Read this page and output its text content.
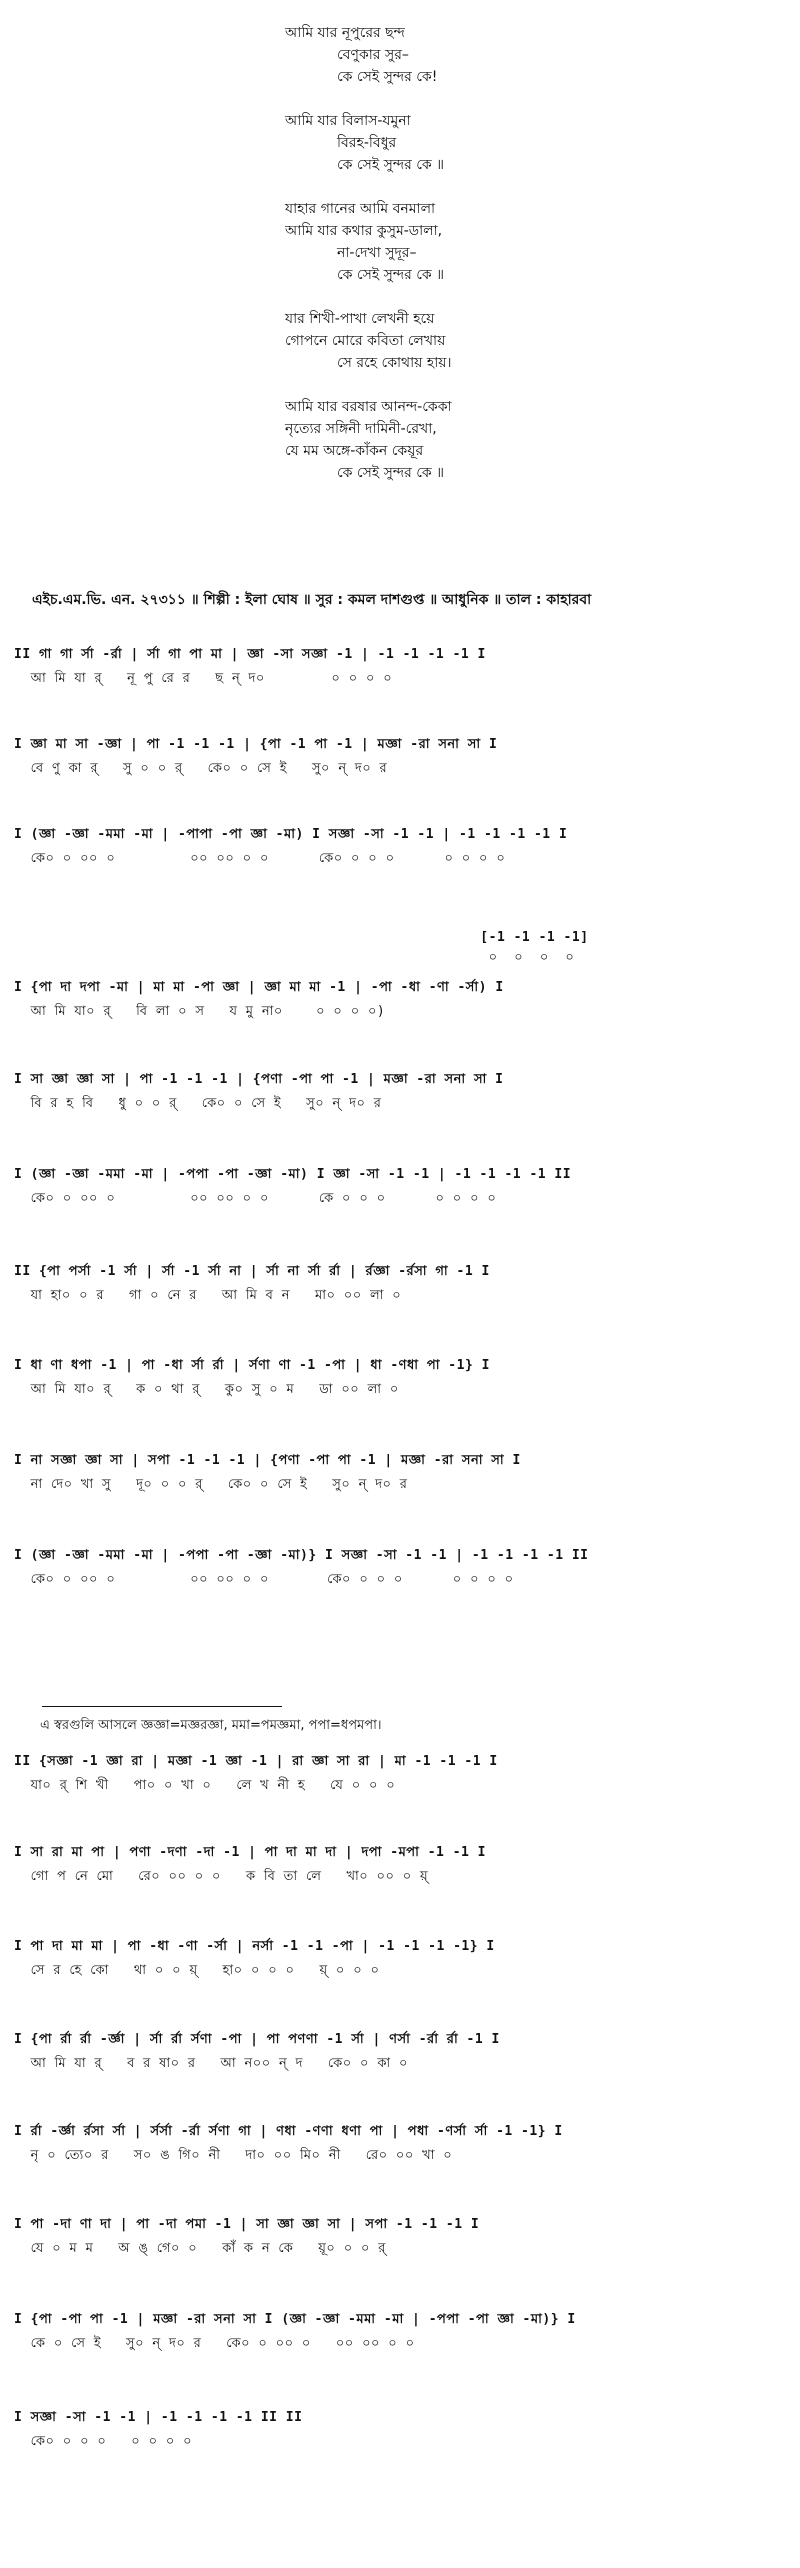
আমি যার নূপুরের ছন্দ
বেণুকার সুর–
কে সেই সুন্দর কে!
আমি যার বিলাস-যমুনা
বিরহ-বিধুর
কে সেই সুন্দর কে ॥
যাহার গানের আমি বনমালা
আমি যার কথার কুসুম-ডালা,
না-দেখা সুদূর–
কে সেই সুন্দর কে ॥
যার শিখী-পাখা লেখনী হয়ে
গোপনে মোরে কবিতা লেখায়
সে রহে কোথায় হায়।
আমি যার বরষার আনন্দ-কেকা
নৃত্যের সঙ্গিনী দামিনী-রেখা,
যে মম অঙ্গে-কাঁকন কেয়ূর
কে সেই সুন্দর কে ॥
এইচ.এম.ভি. এন. ২৭৩১১ ॥ শিল্পী : ইলা ঘোষ ॥ সুর : কমল দাশগুপ্ত ॥ আধুনিক ॥ তাল : কাহারবা
II গা গা র্সা -র্রা | র্সা গা পা মা | জ্ঞা -সা সজ্ঞা -1 | -1 -1 -1 -1 I
আ মি যা র্   নূ পু রে র   ছ ন্ দ০        ০ ০ ০ ০
I জ্ঞা মা সা -জ্ঞা | পা -1 -1 -1 | {পা -1 পা -1 | মজ্ঞা -রা সনা সা I
বে ণু কা র্   সু ০ ০ র্   কে০ ০ সে ই   সু০ ন্ দ০ র
I (জ্ঞা -জ্ঞা -মমা -মা | -পাপা -পা জ্ঞা -মা) I সজ্ঞা -সা -1 -1 | -1 -1 -1 -1 I
কে০ ০ ০০ ০         ০০ ০০ ০ ০      কে০ ০ ০ ০      ০ ০ ০ ০
[-1 -1 -1 -1]
০  ০  ০  ০
I {পা দা দপা -মা | মা মা -পা জ্ঞা | জ্ঞা মা মা -1 | -পা -ধা -ণা -র্সা) I
আ মি যা০ র্   বি লা ০ স   য মু না০    ০ ০ ০ ০)
I সা জ্ঞা জ্ঞা সা | পা -1 -1 -1 | {পণা -পা পা -1 | মজ্ঞা -রা সনা সা I
বি র হ বি   ধু ০ ০ র্   কে০ ০ সে ই   সু০ ন্ দ০ র
I (জ্ঞা -জ্ঞা -মমা -মা | -পপা -পা -জ্ঞা -মা) I জ্ঞা -সা -1 -1 | -1 -1 -1 -1 II
কে০ ০ ০০ ০         ০০ ০০ ০ ০      কে ০ ০ ০      ০ ০ ০ ০
II {পা পর্সা -1 র্সা | র্সা -1 র্সা না | র্সা না র্সা র্রা | র্রজ্ঞা -র্রসা গা -1 I
যা হা০ ০ র   গা ০ নে র   আ মি ব ন   মা০ ০০ লা ০
I ধা ণা ধপা -1 | পা -ধা র্সা র্রা | র্সণা ণা -1 -পা | ধা -ণধা পা -1} I
আ মি যা০ র্   ক ০ থা র্   কু০ সু ০ ম   ডা ০০ লা ০
I না সজ্ঞা জ্ঞা সা | সপা -1 -1 -1 | {পণা -পা পা -1 | মজ্ঞা -রা সনা সা I
না দে০ খা সু   দূ০ ০ ০ র্   কে০ ০ সে ই   সু০ ন্ দ০ র
I (জ্ঞা -জ্ঞা -মমা -মা | -পপা -পা -জ্ঞা -মা)} I সজ্ঞা -সা -1 -1 | -1 -1 -1 -1 II
কে০ ০ ০০ ০         ০০ ০০ ০ ০       কে০ ০ ০ ০      ০ ০ ০ ০
এ স্বরগুলি আসলে জ্ঞজ্ঞা=মজ্ঞরজ্ঞা, মমা=পমজ্ঞমা, পপা=ধপমপা।
II {সজ্ঞা -1 জ্ঞা রা | মজ্ঞা -1 জ্ঞা -1 | রা জ্ঞা সা রা | মা -1 -1 -1 I
যা০ র্ শি খী   পা০ ০ খা ০   লে খ নী হ   যে ০ ০ ০
I সা রা মা পা | পণা -দণা -দা -1 | পা দা মা দা | দপা -মপা -1 -1 I
গো প নে মো   রে০ ০০ ০ ০   ক বি তা লে   খা০ ০০ ০ য়্
I পা দা মা মা | পা -ধা -ণা -র্সা | নর্সা -1 -1 -পা | -1 -1 -1 -1} I
সে র হে কো   থা ০ ০ য়্   হা০ ০ ০ ০   য়্ ০ ০ ০
I {পা র্রা র্রা -র্জ্ঞা | র্সা র্রা র্সণা -পা | পা পণণা -1 র্সা | ণর্সা -র্রা র্রা -1 I
আ মি যা র্   ব র ষা০ র   আ ন০০ ন্ দ   কে০ ০ কা ০
I র্রা -র্জ্ঞা র্রসা র্সা | র্সর্সা -র্রা র্সণা গা | ণধা -ণণা ধণা পা | পধা -ণর্সা র্সা -1 -1} I
নৃ ০ ত্যে০ র   স০ ঙ গি০ নী   দা০ ০০ মি০ নী   রে০ ০০ খা ০
I পা -দা ণা দা | পা -দা পমা -1 | সা জ্ঞা জ্ঞা সা | সপা -1 -1 -1 I
যে ০ ম ম   অ ঙ্ গে০ ০   কাঁ ক ন কে   য়ূ০ ০ ০ র্
I {পা -পা পা -1 | মজ্ঞা -রা সনা সা I (জ্ঞা -জ্ঞা -মমা -মা | -পপা -পা জ্ঞা -মা)} I
কে ০ সে ই   সু০ ন্ দ০ র   কে০ ০ ০০ ০   ০০ ০০ ০ ০
I সজ্ঞা -সা -1 -1 | -1 -1 -1 -1 II II
কে০ ০ ০ ০   ০ ০ ০ ০
